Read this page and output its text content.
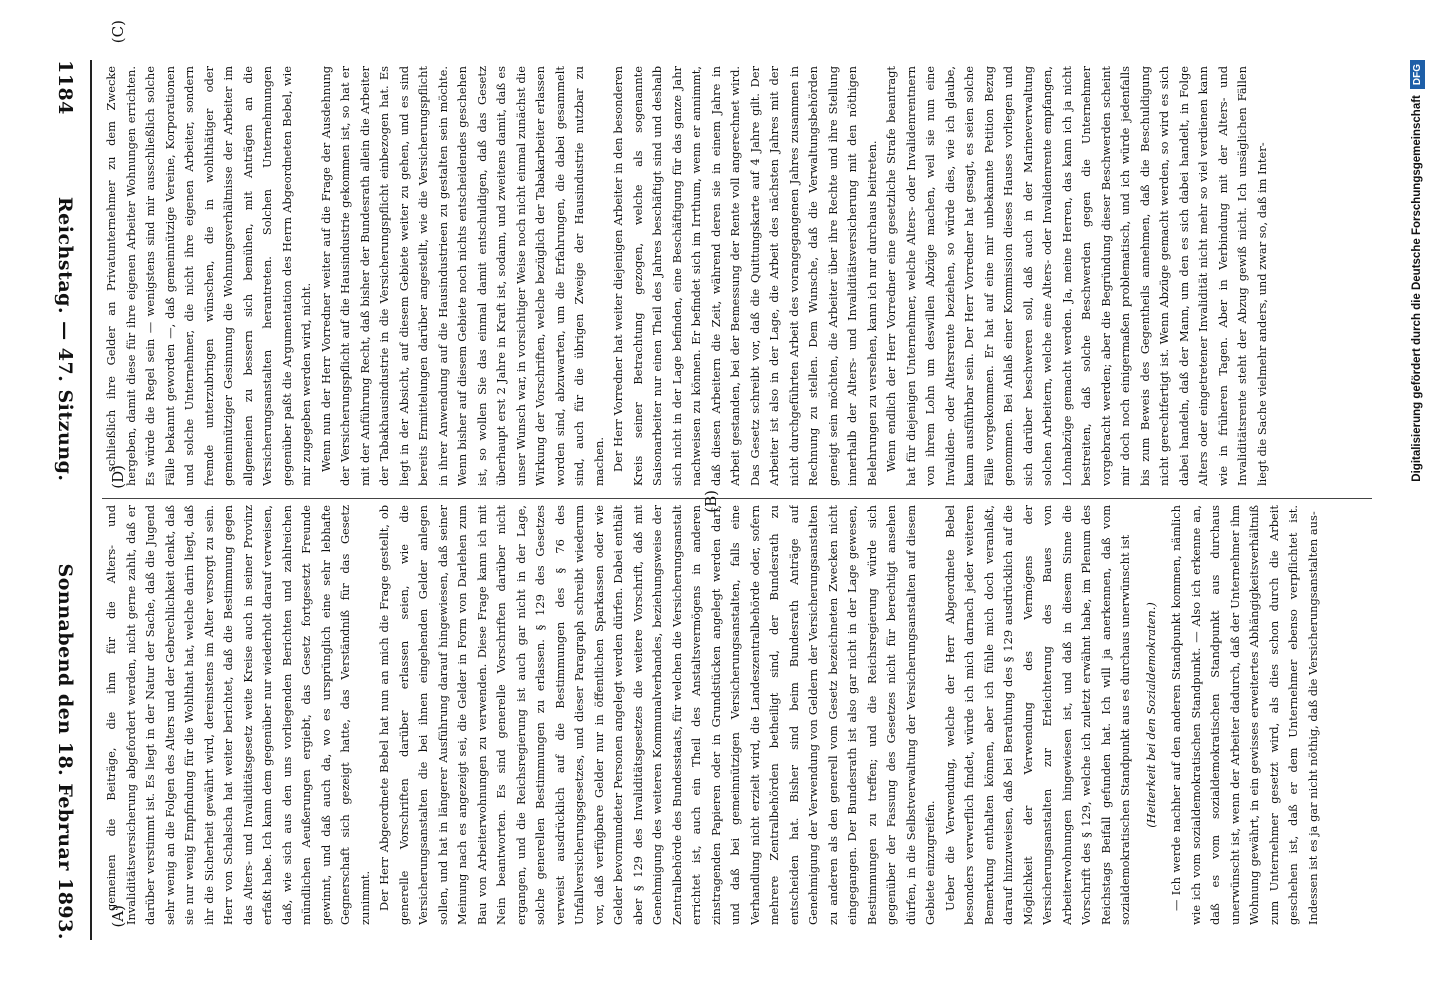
1184
Reichstag. — 47. Sitzung.
Sonnabend den 18. Februar 1893. gemeinen die Beiträge, die ihm für die Alters- und Invaliditätsversicherung abgefordert werden, nicht gerne zahlt, daß er darüber verstimmt ist. Es liegt in der Natur der Sache, daß die Jugend sehr wenig an die Folgen des Alters und der Gebrechlichkeit denkt, daß sie nur wenig Empfindung für die Wohlthat hat, welche darin liegt, daß ihr die Sicherheit gewährt wird, dereinstens im Alter versorgt zu sein. Herr von Schalscha hat weiter berichtet, daß die Bestimmung gegen das Alters- und Invaliditätsgesetz weite Kreise auch in seiner Provinz erfaßt habe. Ich kann dem gegenüber nur wiederholt darauf verweisen, daß, wie sich aus den uns vorliegenden Berichten und zahlreichen mündlichen Aeußerungen ergiebt, das Gesetz fortgesetzt Freunde gewinnt, und daß auch da, wo es ursprünglich eine sehr lebhafte Gegnerschaft sich gezeigt hatte, das Verständniß für das Gesetz zunimmt. Der Herr Abgeordnete Bebel hat nun an mich die Frage gestellt, ob generelle Vorschriften darüber erlassen seien, wie die Versicherungsanstalten die bei ihnen eingehenden Gelder anlegen sollen, und hat in längerer Ausführung darauf hingewiesen, daß seiner Meinung nach es angezeigt sei, die Gelder in Form von Darlehen zum Bau von Arbeiterwohnungen zu verwenden. Diese Frage kann ich mit Nein beantworten. Es sind generelle Vorschriften darüber nicht ergangen, und die Reichsregierung ist auch gar nicht in der Lage, solche generellen Bestimmungen zu erlassen. § 129 des Gesetzes verweist ausdrücklich auf die Bestimmungen des § 76 des Unfallversicherungsgesetzes, und dieser Paragraph schreibt wiederum vor, daß verfügbare Gelder nur in öffentlichen Sparkassen oder wie Gelder bevormundeter Personen angelegt werden dürfen. Dabei enthält aber § 129 des Invaliditätsgesetzes die weitere Vorschrift, daß mit Genehmigung des weiteren Kommunalverbandes, beziehungsweise der Zentralbehörde des Bundesstaats, für welchen die Versicherungsanstalt errichtet ist, auch ein Theil des Anstaltsvermögens in anderen zinstragenden Papieren oder in Grundstücken angelegt werden darf, und daß bei gemeinnützigen Versicherungsanstalten, falls eine Verhandlung nicht erzielt wird, die Landeszentralbehörde oder, sofern mehrere Zentralbehörden betheiligt sind, der Bundesrath zu entscheiden hat. Bisher sind beim Bundesrath Anträge auf Genehmigung der Verwendung von Geldern der Versicherungsanstalten zu anderen als den generell vom Gesetz bezeichneten Zwecken nicht eingegangen. Der Bundesrath ist also gar nicht in der Lage gewesen, Bestimmungen zu treffen; und die Reichsregierung würde sich gegenüber der Fassung des Gesetzes nicht für berechtigt ansehen dürfen, in die Selbstverwaltung der Versicherungsanstalten auf diesem Gebiete einzugreifen. Ueber die Verwendung, welche der Herr Abgeordnete Bebel besonders verwerflich findet, würde ich mich darnach jeder weiteren Bemerkung enthalten können, aber ich fühle mich doch veranlaßt, darauf hinzuweisen, daß bei Berathung des § 129 ausdrücklich auf die Möglichkeit der Verwendung des Vermögens der Versicherungsanstalten zur Erleichterung des Baues von Arbeiterwohnungen hingewiesen ist, und daß in diesem Sinne die Vorschrift des § 129, welche ich zuletzt erwähnt habe, im Plenum des Reichstags Beifall gefunden hat. Ich will ja anerkennen, daß vom sozialdemokratischen Standpunkt aus es durchaus unerwünscht ist	(Heiterkeit bei den Sozialdemokraten.)	— Ich werde nachher auf den anderen Standpunkt kommen, nämlich wie ich vom sozialdemokratischen Standpunkt. — Also ich erkenne an, daß es vom sozialdemokratischen Standpunkt aus durchaus unerwünscht ist, wenn der Arbeiter dadurch, daß der Unternehmer ihm Wohnung gewährt, in ein gewisses erweitertes Abhängigkeitsverhältniß zum Unternehmer gesetzt wird, als dies schon durch die Arbeit geschehen ist, daß er dem Unternehmer ebenso verpflichtet ist. Indessen ist es ja gar nicht nöthig, daß die Versicherungsanstalten aus-

schließlich ihre Gelder an Privatunternehmer zu dem Zwecke hergeben, damit diese für ihre eigenen Arbeiter Wohnungen errichten. Es würde die Regel sein — wenigstens sind mir ausschließlich solche Fälle bekannt geworden —, daß gemeinnützige Vereine, Korporationen und solche Unternehmer, die nicht ihre eigenen Arbeiter, sondern fremde unterzubringen wünschen, die in wohlthätiger oder gemeinnütziger Gesinnung die Wohnungsverhältnisse der Arbeiter im allgemeinen zu bessern sich bemühen, mit Anträgen an die Versicherungsanstalten herantreten. Solchen Unternehmungen gegenüber paßt die Argumentation des Herrn Abgeordneten Bebel, wie mir zugegeben werden wird, nicht. Wenn nun der Herr Vorredner weiter auf die Frage der Ausdehnung der Versicherungspflicht auf die Hausindustrie gekommen ist, so hat er mit der Anführung Recht, daß bisher der Bundesrath allein die Arbeiter der Tabakhausindustrie in die Versicherungspflicht einbezogen hat. Es liegt in der Absicht, auf diesem Gebiete weiter zu gehen, und es sind bereits Ermittelungen darüber angestellt, wie die Versicherungspflicht in ihrer Anwendung auf die Hausindustrieen zu gestalten sein möchte. Wenn bisher auf diesem Gebiete noch nichts entscheidendes geschehen ist, so wollen Sie das einmal damit entschuldigen, daß das Gesetz überhaupt erst 2 Jahre in Kraft ist, sodann, und zweitens damit, daß es unser Wunsch war, in vorsichtiger Weise noch nicht einmal zunächst die Wirkung der Vorschriften, welche bezüglich der Tabakarbeiter erlassen worden sind, abzuwarten, um die Erfahrungen, die dabei gesammelt sind, auch für die übrigen Zweige der Hausindustrie nutzbar zu machen. Der Herr Vorredner hat weiter diejenigen Arbeiter in den besonderen Kreis seiner Betrachtung gezogen, welche als sogenannte Saisonarbeiter nur einen Theil des Jahres beschäftigt sind und deshalb sich nicht in der Lage befinden, eine Beschäftigung für das ganze Jahr nachweisen zu können. Er befindet sich im Irrthum, wenn er annimmt, daß diesen Arbeitern die Zeit, während deren sie in einem Jahre in Arbeit gestanden, bei der Bemessung der Rente voll angerechnet wird. Das Gesetz schreibt vor, daß die Quittungskarte auf 4 Jahre gilt. Der Arbeiter ist also in der Lage, die Arbeit des nächsten Jahres mit der nicht durchgeführten Arbeit des vorangegangenen Jahres zusammen in Rechnung zu stellen. Dem Wunsche, daß die Verwaltungsbehörden geneigt sein möchten, die Arbeiter über ihre Rechte und ihre Stellung innerhalb der Alters- und Invaliditätsversicherung mit den nöthigen Belehrungen zu versehen, kann ich nur durchaus beitreten. Wenn endlich der Herr Vorredner eine gesetzliche Strafe beantragt hat für diejenigen Unternehmer, welche Alters- oder Invalidenrentnern von ihrem Lohn um deswillen Abzüge machen, weil sie nun eine Invaliden- oder Altersrente beziehen, so würde dies, wie ich glaube, kaum ausführbar sein. Der Herr Vorredner hat gesagt, es seien solche Fälle vorgekommen. Er hat auf eine mir unbekannte Petition Bezug genommen. Bei Anlaß einer Kommission dieses Hauses vorliegen und sich darüber beschweren soll, daß auch in der Marineverwaltung solchen Arbeitern, welche eine Alters- oder Invalidenrente empfangen, Lohnabzüge gemacht werden. Ja, meine Herren, das kann ich ja nicht bestreiten, daß solche Beschwerden gegen die Unternehmer vorgebracht werden; aber die Begründung dieser Beschwerden scheint mir doch noch einigermaßen problematisch, und ich würde jedenfalls bis zum Beweis des Gegentheils annehmen, daß die Beschuldigung nicht gerechtfertigt ist. Wenn Abzüge gemacht werden, so wird es sich dabei handeln, daß der Mann, um den es sich dabei handelt, in Folge Alters oder eingetretener Invalidität nicht mehr so viel verdienen kann wie in früheren Tagen. Aber in Verbindung mit der Alters- und Invaliditätsrente steht der Abzug gewiß nicht. Ich unsäglichen Fällen liegt die Sache vielmehr anders, und zwar so, daß im Inter-

(A)
(B)
(C)
(D)	Digitalisierung gefördert durch die Deutsche Forschungsgemeinschaft
DFG
